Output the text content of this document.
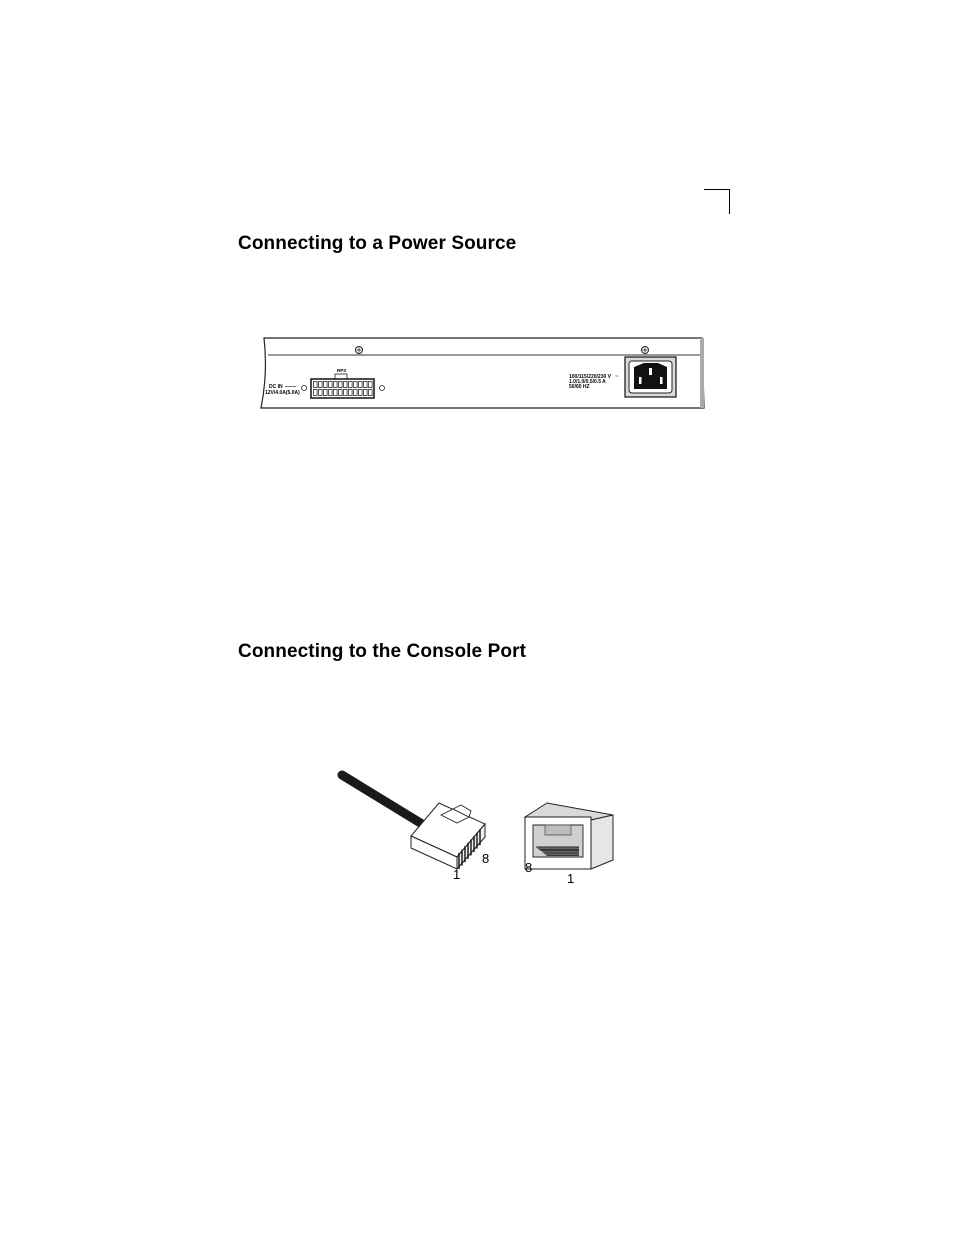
Connecting to a Power Source
DC IN
12V/4.0A(5.0A)
RPS
100/115/220/230 V ~
1.0/1.0/0.5/0.5 A
50/60 HZ
Connecting to the Console Port
1
8
8
1
